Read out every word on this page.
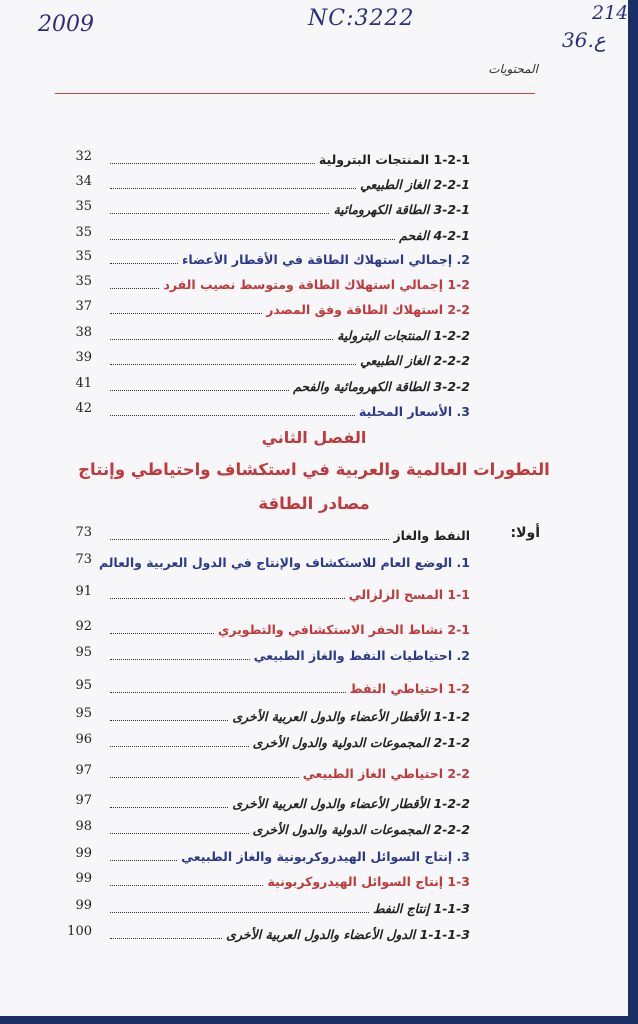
2009	NC:3222	214
36.ع
المحتويات
32	1-2-1 المنتجات البترولية
34	2-2-1 الغاز الطبيعي
35	3-2-1 الطاقة الكهرومائية
35	4-2-1 الفحم
35	2. إجمالي استهلاك الطاقة في الأقطار الأعضاء
35	1-2 إجمالي استهلاك الطاقة ومتوسط نصيب الفرد
37	2-2 استهلاك الطاقة وفق المصدر
38	1-2-2 المنتجات البترولية
39	2-2-2 الغاز الطبيعي
41	3-2-2 الطاقة الكهرومائية والفحم
42	3. الأسعار المحلية
الفصل الثاني
التطورات العالمية والعربية في استكشاف واحتياطي وإنتاج
مصادر الطاقة
أولا:
73	النفط والغاز
73 1. الوضع العام للاستكشاف والإنتاج في الدول العربية والعالم
91	1-1 المسح الزلزالي
92	2-1 نشاط الحفر الاستكشافي والتطويري
95	2. احتياطيات النفط والغاز الطبيعي
95	1-2 احتياطي النفط
95	1-1-2 الأقطار الأعضاء والدول العربية الأخرى
96	2-1-2 المجموعات الدولية والدول الأخرى
97	2-2 احتياطي الغاز الطبيعي
97	1-2-2 الأقطار الأعضاء والدول العربية الأخرى
98	2-2-2 المجموعات الدولية والدول الأخرى
99	3. إنتاج السوائل الهيدروكربونية والغاز الطبيعي
99	1-3 إنتاج السوائل الهيدروكربونية
99	1-1-3 إنتاج النفط
100	1-1-1-3 الدول الأعضاء والدول العربية الأخرى
